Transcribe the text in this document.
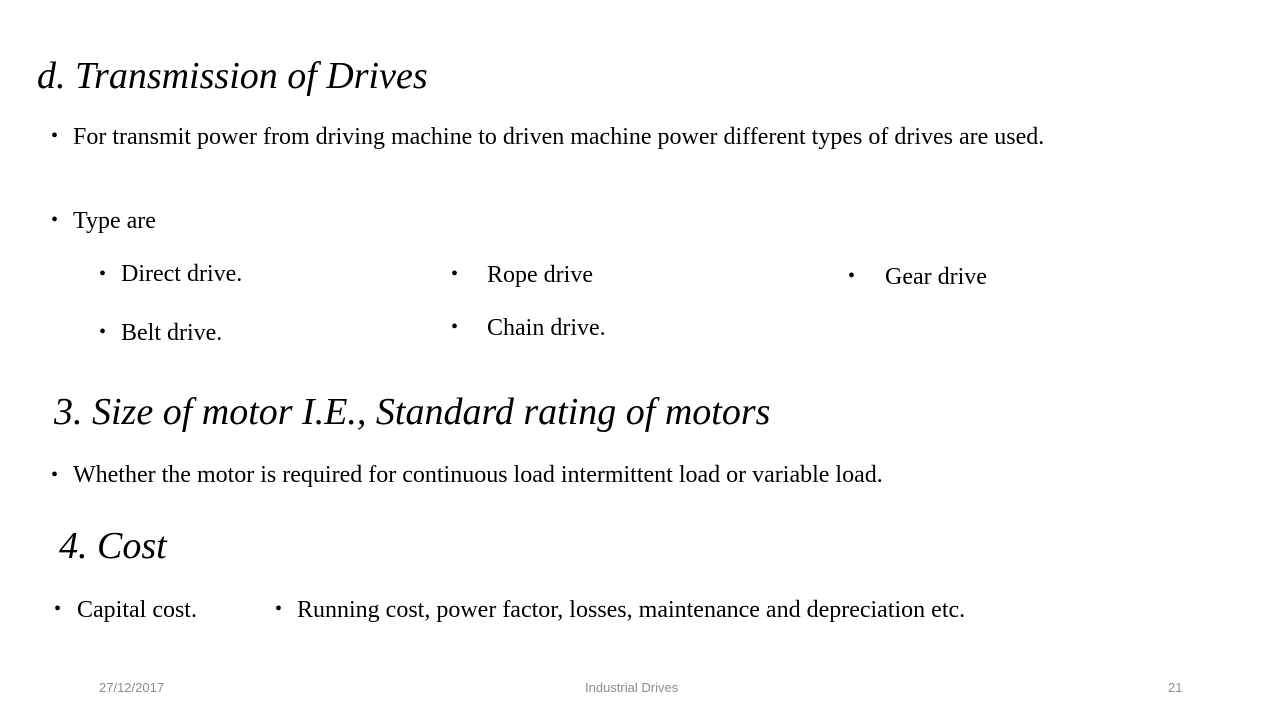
d. Transmission of Drives
• For transmit power from driving machine to driven machine power different types of drives are used.
• Type are
• Direct drive.
• Belt drive.
• Rope drive
• Chain drive.
• Gear drive
3. Size of motor I.E., Standard rating of motors
• Whether the motor is required for continuous load intermittent load or variable load.
4. Cost
• Capital cost.	• Running cost, power factor, losses, maintenance and depreciation etc.
27/12/2017	Industrial Drives	21
